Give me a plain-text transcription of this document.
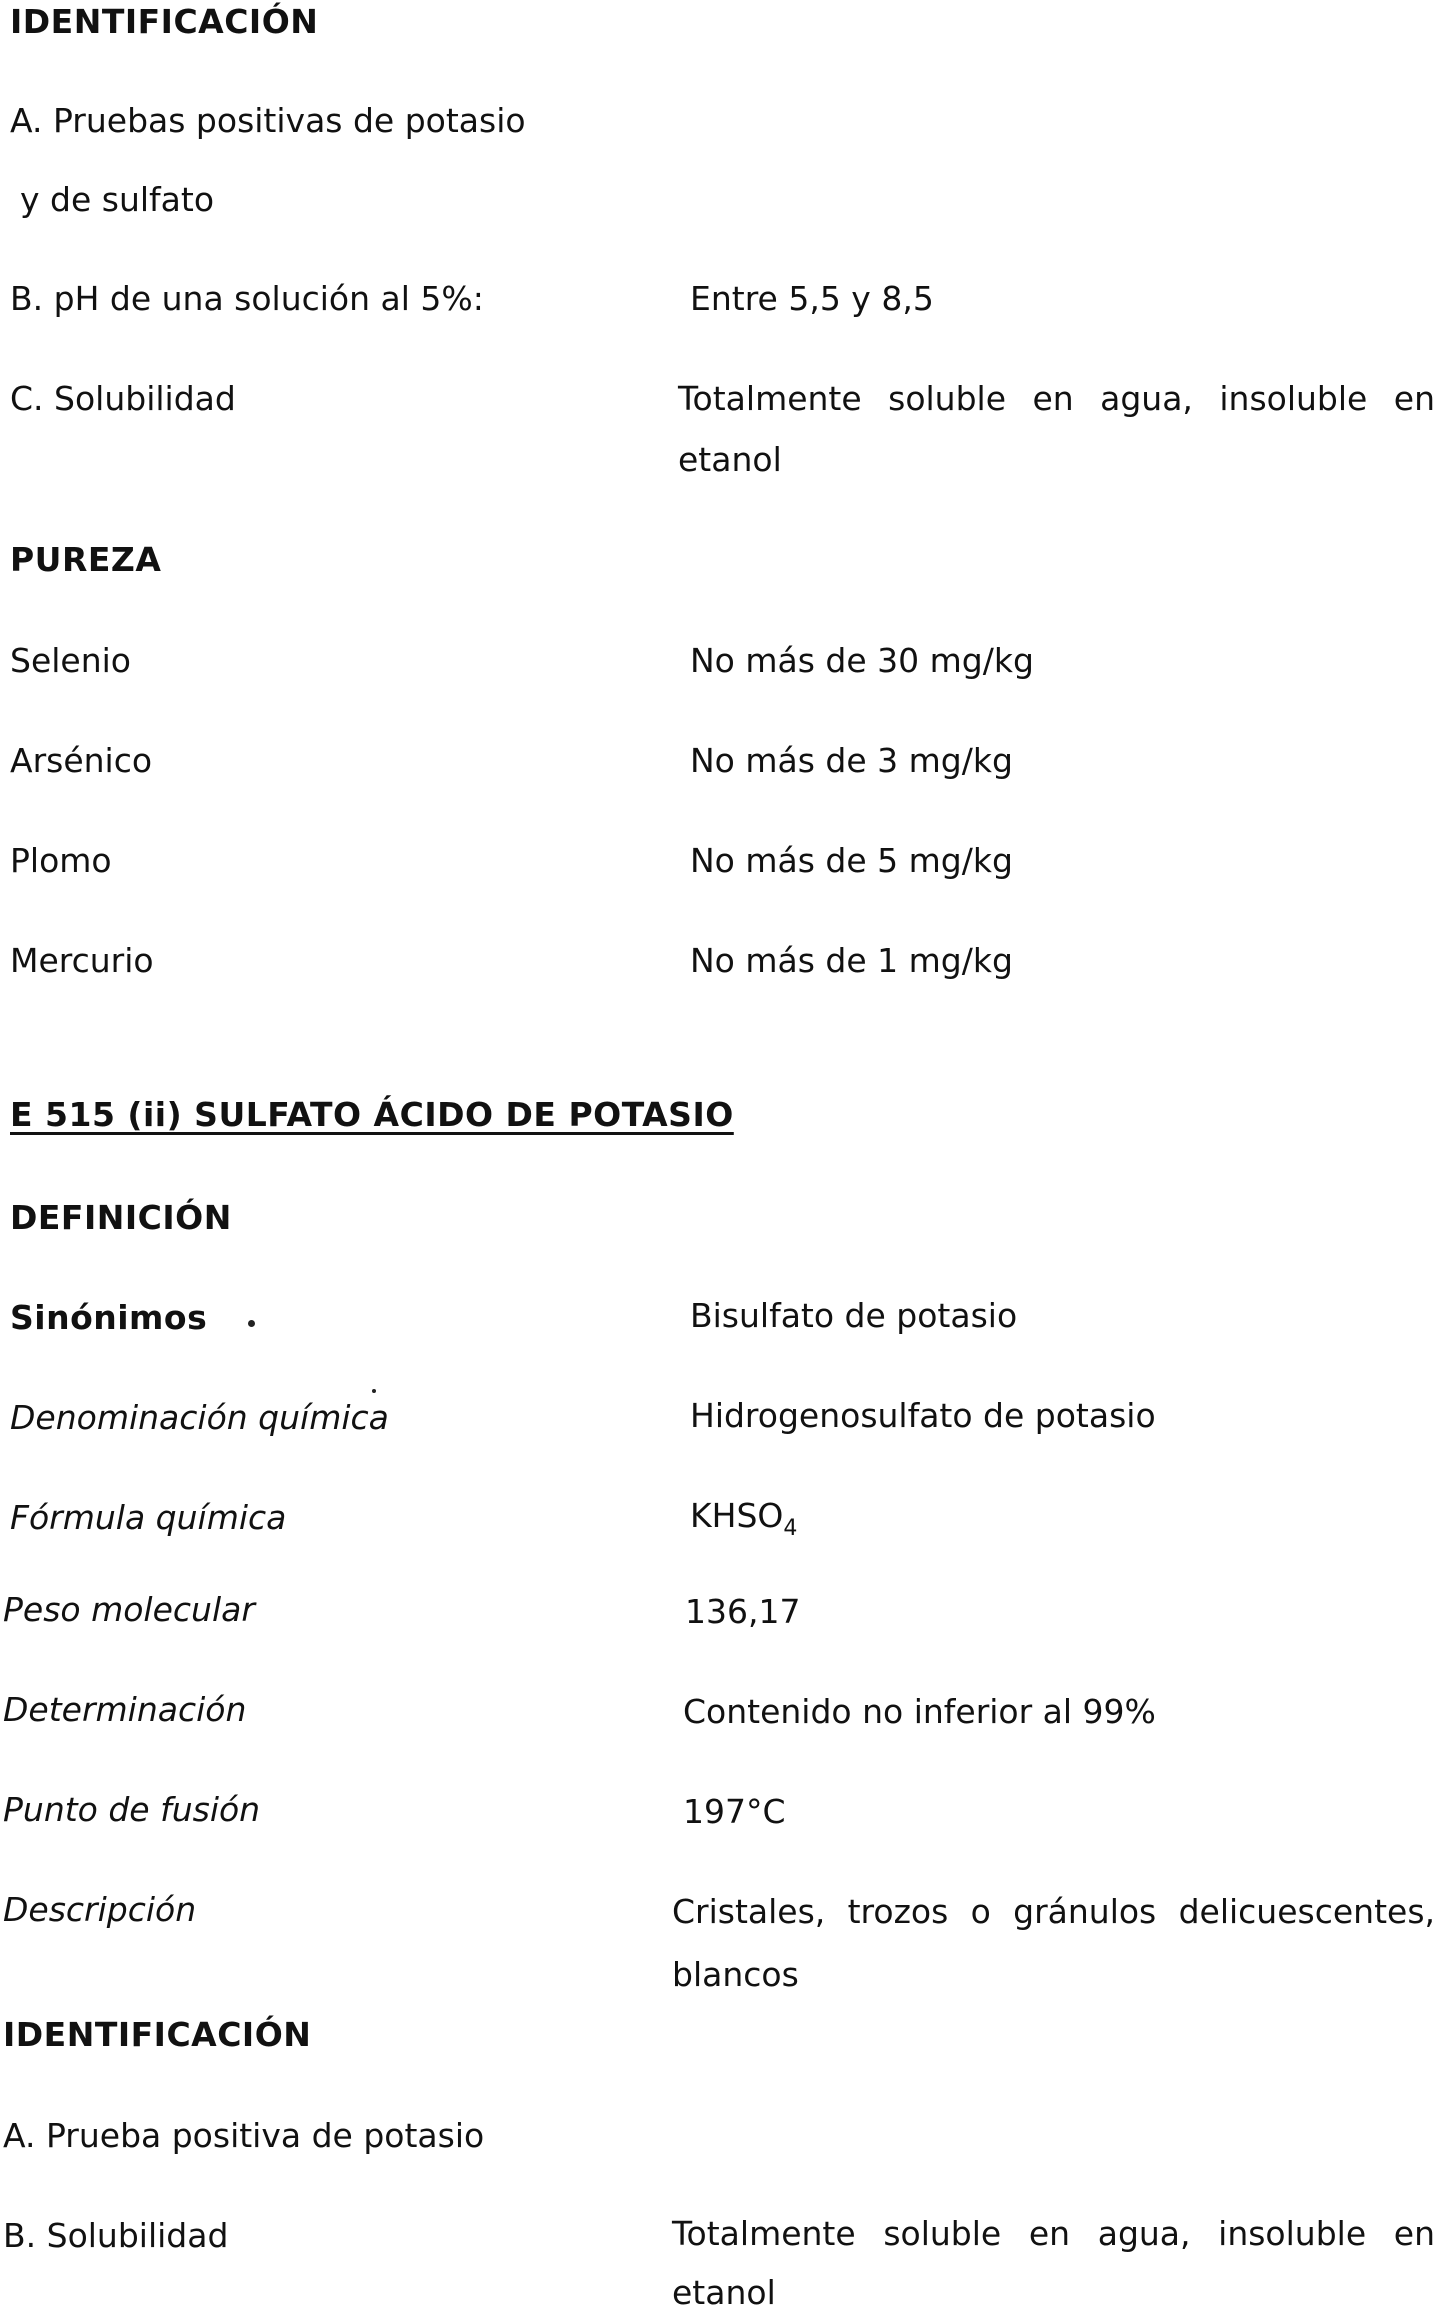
IDENTIFICACIÓN
A. Pruebas positivas de potasio
y de sulfato
B. pH de una solución al 5%:	Entre 5,5 y 8,5
C. Solubilidad	Totalmente soluble en agua, insoluble en
etanol
PUREZA
Selenio	No más de 30 mg/kg
Arsénico	No más de 3 mg/kg
Plomo	No más de 5 mg/kg
Mercurio	No más de 1 mg/kg
E 515 (ii) SULFATO ÁCIDO DE POTASIO
DEFINICIÓN
Sinónimos	Bisulfato de potasio
Denominación química	Hidrogenosulfato de potasio
Fórmula química	$KHSO_4$
Peso molecular	136,17
Determinación	Contenido no inferior al 99%
Punto de fusión	197°C
Descripción	Cristales, trozos o gránulos delicuescentes,
blancos
IDENTIFICACIÓN
A. Prueba positiva de potasio
B. Solubilidad	Totalmente soluble en agua, insoluble en
etanol
